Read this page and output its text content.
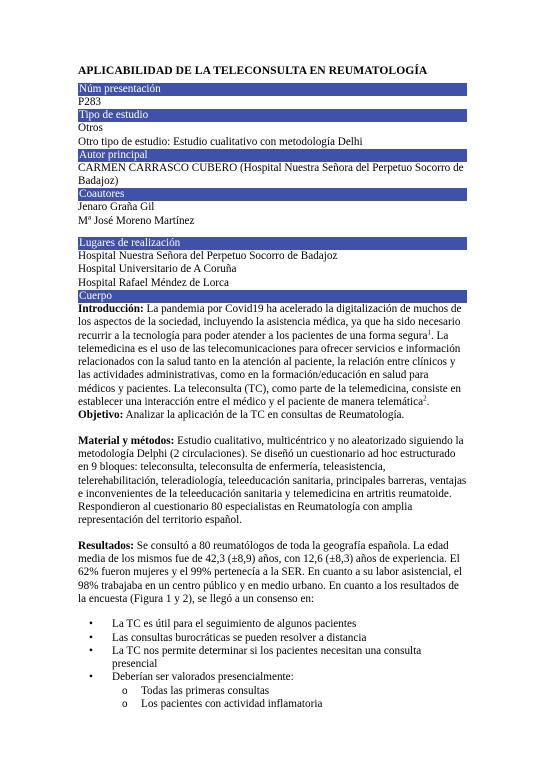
APLICABILIDAD DE LA TELECONSULTA EN REUMATOLOGÍA
Núm presentación
P283
Tipo de estudio
Otros
Otro tipo de estudio: Estudio cualitativo con metodología Delhi
Autor principal
CARMEN CARRASCO CUBERO (Hospital Nuestra Señora del Perpetuo Socorro de
Badajoz)
Coautores
Jenaro Graña Gil
Mª José Moreno Martínez
Lugares de realización
Hospital Nuestra Señora del Perpetuo Socorro de Badajoz
Hospital Universitario de A Coruña
Hospital Rafael Méndez de Lorca
Cuerpo

Introducción: La pandemia por Covid19 ha acelerado la digitalización de muchos de los aspectos de la sociedad, incluyendo la asistencia médica, ya que ha sido necesario recurrir a la tecnología para poder atender a los pacientes de una forma segura$^1$. La telemedicina es el uso de las telecomunicaciones para ofrecer servicios e información relacionados con la salud tanto en la atención al paciente, la relación entre clínicos y las actividades administrativas, como en la formación/educación en salud para médicos y pacientes. La teleconsulta (TC), como parte de la telemedicina, consiste en establecer una interacción entre el médico y el paciente de manera telemática$^2$.

Objetivo: Analizar la aplicación de la TC en consultas de Reumatología.

Material y métodos: Estudio cualitativo, multicéntrico y no aleatorizado siguiendo la metodología Delphi (2 circulaciones). Se diseñó un cuestionario ad hoc estructurado en 9 bloques: teleconsulta, teleconsulta de enfermería, teleasistencia, telerehabilitación, teleradiología, teleeducación sanitaria, principales barreras, ventajas e inconvenientes de la teleeducación sanitaria y telemedicina en artritis reumatoide. Respondieron al cuestionario 80 especialistas en Reumatología con amplia representación del territorio español.

Resultados: Se consultó a 80 reumatólogos de toda la geografía española. La edad media de los mismos fue de 42,3 (±8,9) años, con 12,6 (±8,3) años de experiencia. El 62% fueron mujeres y el 99% pertenecía a la SER. En cuanto a su labor asistencial, el 98% trabajaba en un centro público y en medio urbano. En cuanto a los resultados de la encuesta (Figura 1 y 2), se llegó a un consenso en:

• La TC es útil para el seguimiento de algunos pacientes
• Las consultas burocráticas se pueden resolver a distancia
• La TC nos permite determinar si los pacientes necesitan una consulta presencial
• Deberían ser valorados presencialmente:
o Todas las primeras consultas
o Los pacientes con actividad inflamatoria
